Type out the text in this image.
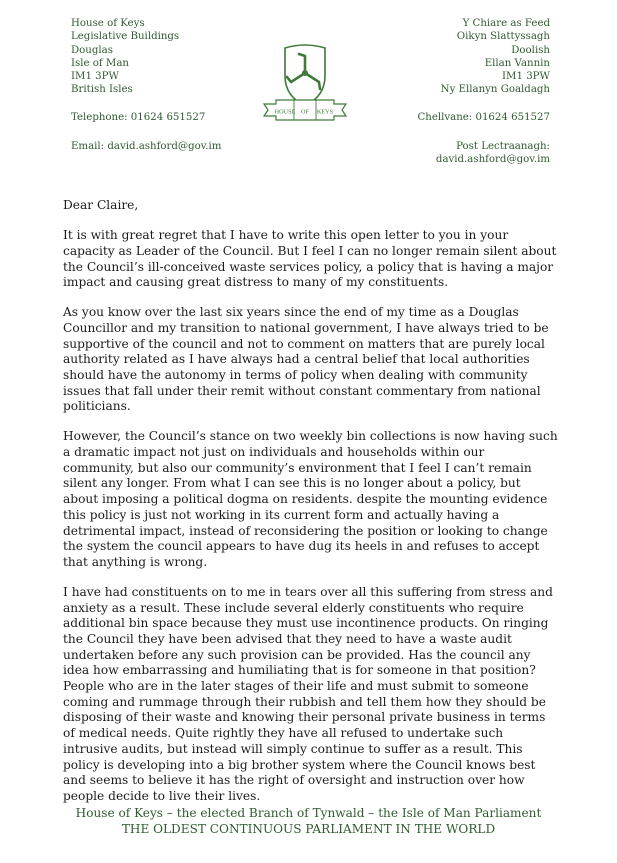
House of Keys
Legislative Buildings
Douglas
Isle of Man
IM1 3PW
British Isles
Y Chiare as Feed
Oikyn Slattyssagh
Doolish
Ellan Vannin
IM1 3PW
Ny Ellanyn Goaldagh
HOUSE OF KEYS
Telephone: 01624 651527	Chellvane: 01624 651527
Email: david.ashford@gov.im	Post Lectraanagh:
david.ashford@gov.im

Dear Claire,

It is with great regret that I have to write this open letter to you in your capacity as Leader of the Council. But I feel I can no longer remain silent about the Council’s ill-conceived waste services policy, a policy that is having a major impact and causing great distress to many of my constituents.

As you know over the last six years since the end of my time as a Douglas Councillor and my transition to national government, I have always tried to be supportive of the council and not to comment on matters that are purely local authority related as I have always had a central belief that local authorities should have the autonomy in terms of policy when dealing with community issues that fall under their remit without constant commentary from national politicians.

However, the Council’s stance on two weekly bin collections is now having such a dramatic impact not just on individuals and households within our community, but also our community’s environment that I feel I can’t remain silent any longer. From what I can see this is no longer about a policy, but about imposing a political dogma on residents. despite the mounting evidence this policy is just not working in its current form and actually having a detrimental impact, instead of reconsidering the position or looking to change the system the council appears to have dug its heels in and refuses to accept that anything is wrong.

I have had constituents on to me in tears over all this suffering from stress and anxiety as a result. These include several elderly constituents who require additional bin space because they must use incontinence products. On ringing the Council they have been advised that they need to have a waste audit undertaken before any such provision can be provided. Has the council any idea how embarrassing and humiliating that is for someone in that position? People who are in the later stages of their life and must submit to someone coming and rummage through their rubbish and tell them how they should be disposing of their waste and knowing their personal private business in terms of medical needs. Quite rightly they have all refused to undertake such intrusive audits, but instead will simply continue to suffer as a result. This policy is developing into a big brother system where the Council knows best and seems to believe it has the right of oversight and instruction over how people decide to live their lives.

House of Keys – the elected Branch of Tynwald – the Isle of Man Parliament
THE OLDEST CONTINUOUS PARLIAMENT IN THE WORLD
